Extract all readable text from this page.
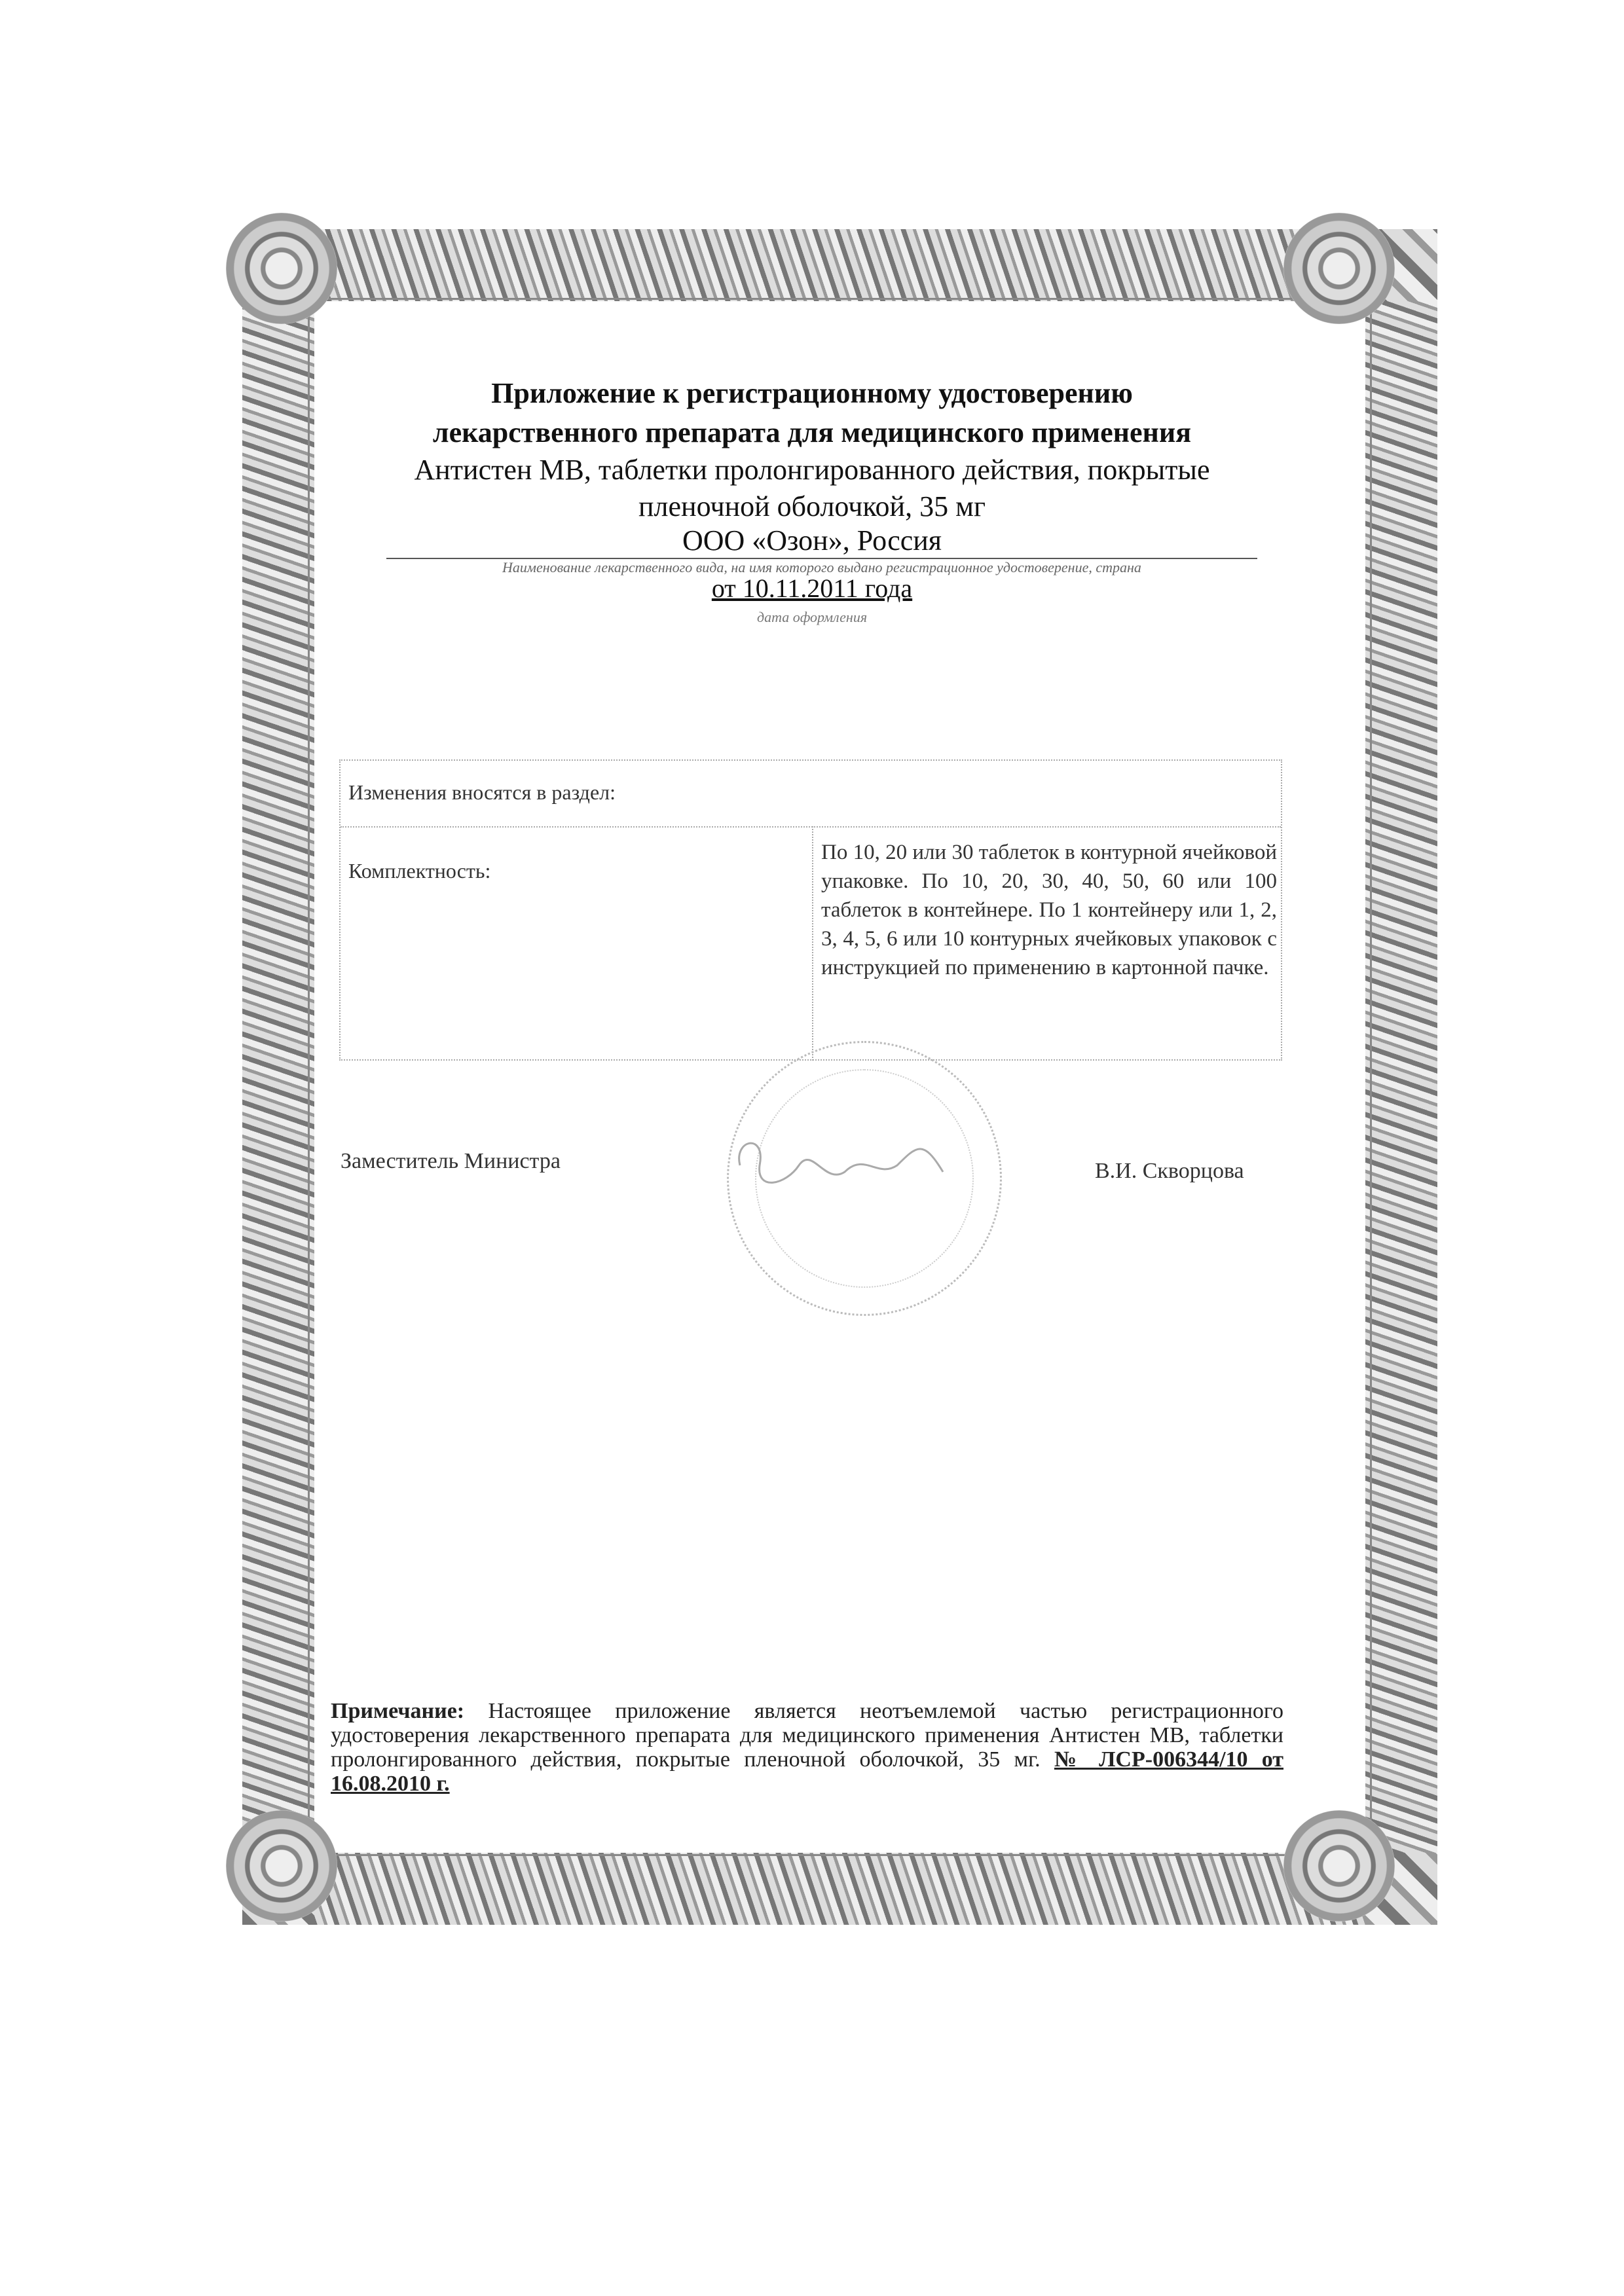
Приложение к регистрационному удостоверению
лекарственного препарата для медицинского применения
Антистен МВ, таблетки пролонгированного действия, покрытые
пленочной оболочкой, 35 мг
ООО «Озон», Россия
Наименование лекарственного вида, на имя которого выдано регистрационное удостоверение, страна
от 10.11.2011 года
дата оформления
Изменения вносятся в раздел:
Комплектность:
По 10, 20 или 30 таблеток в контурной ячейковой упаковке. По 10, 20, 30, 40, 50, 60 или 100 таблеток в контейнере. По 1 контейнеру или 1, 2, 3, 4, 5, 6 или 10 контурных ячейковых упаковок с инструкцией по применению в картонной пачке.
Заместитель Министра	В.И. Скворцова
Примечание: Настоящее приложение является неотъемлемой частью регистрационного удостоверения лекарственного препарата для медицинского применения Антистен МВ, таблетки пролонгированного действия, покрытые пленочной оболочкой, 35 мг. № ЛСР-006344/10 от 16.08.2010 г.
